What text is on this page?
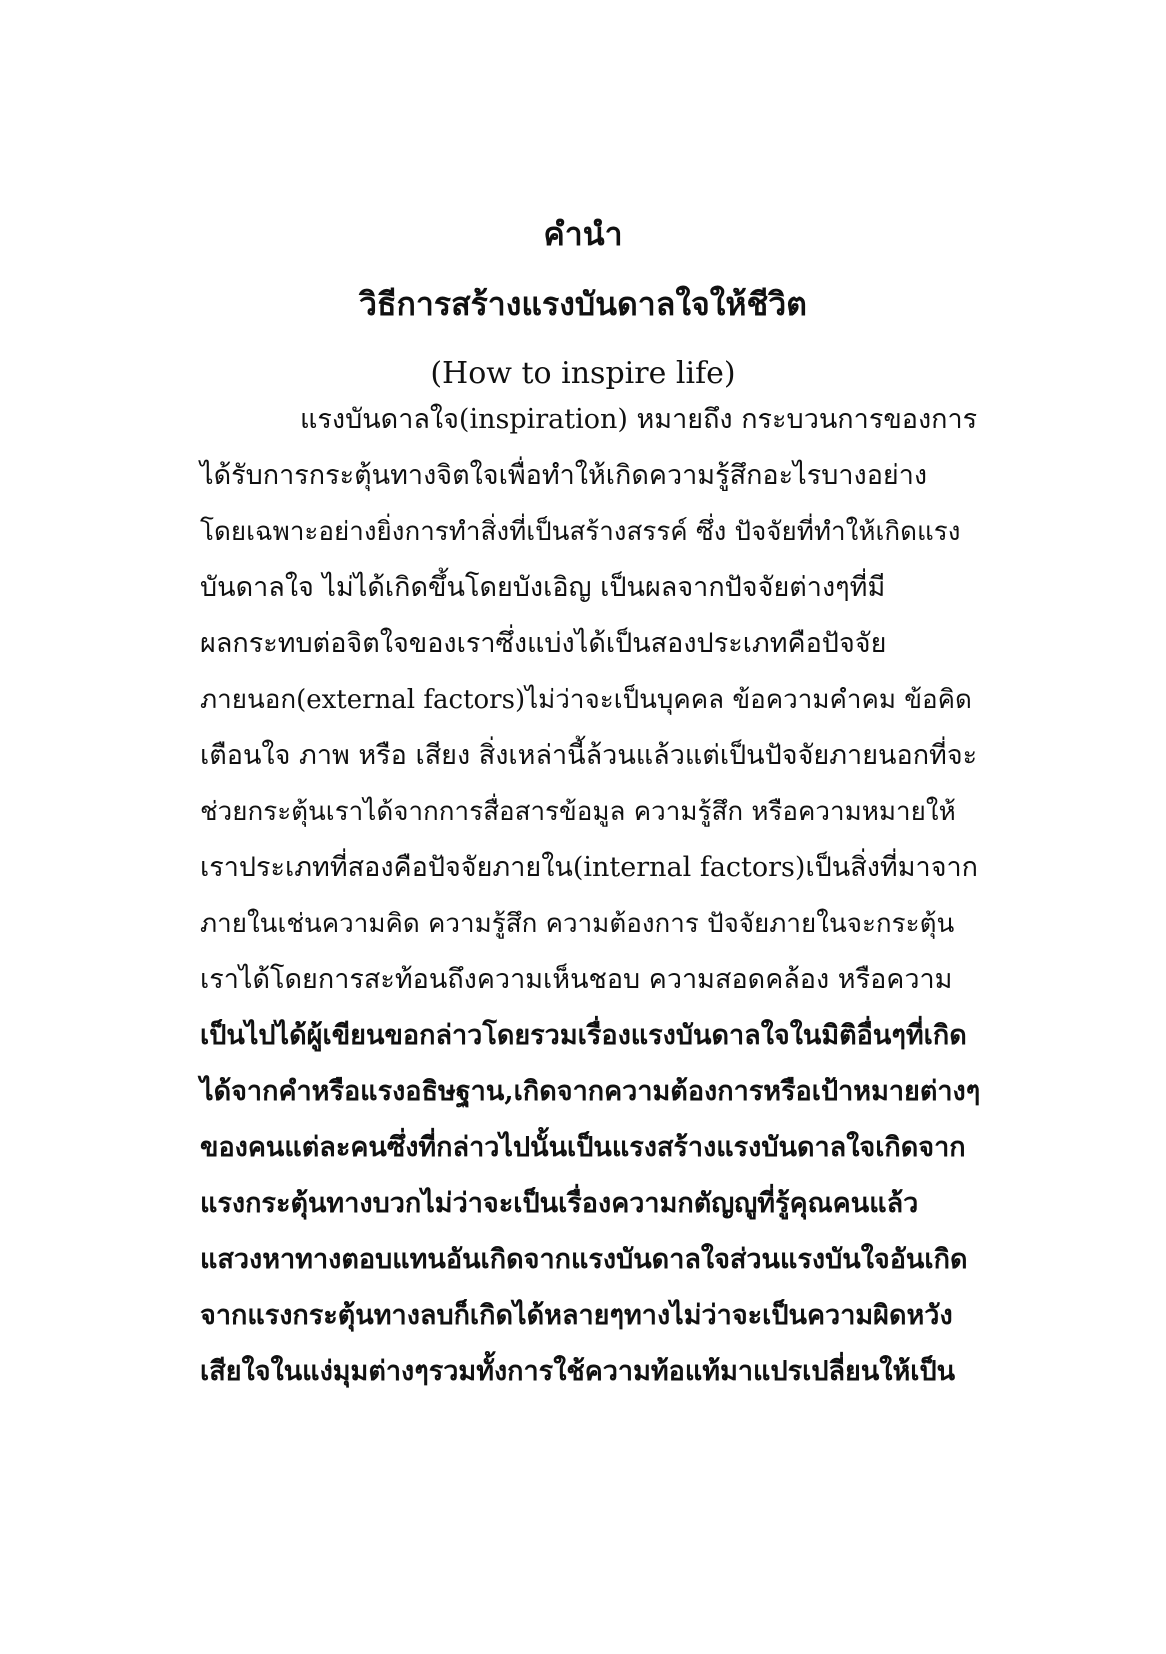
คำนำ
วิธีการสร้างแรงบันดาลใจให้ชีวิต
(How to inspire life)
แรงบันดาลใจ(inspiration) หมายถึง กระบวนการของการ
ได้รับการกระตุ้นทางจิตใจเพื่อทำให้เกิดความรู้สึกอะไรบางอย่าง
โดยเฉพาะอย่างยิ่งการทำสิ่งที่เป็นสร้างสรรค์ ซึ่ง ปัจจัยที่ทำให้เกิดแรง
บันดาลใจ ไม่ได้เกิดขึ้นโดยบังเอิญ เป็นผลจากปัจจัยต่างๆที่มี
ผลกระทบต่อจิตใจของเราซึ่งแบ่งได้เป็นสองประเภทคือปัจจัย
ภายนอก(external factors)ไม่ว่าจะเป็นบุคคล ข้อความคำคม ข้อคิด
เตือนใจ ภาพ หรือ เสียง สิ่งเหล่านี้ล้วนแล้วแต่เป็นปัจจัยภายนอกที่จะ
ช่วยกระตุ้นเราได้จากการสื่อสารข้อมูล ความรู้สึก หรือความหมายให้
เราประเภทที่สองคือปัจจัยภายใน(internal factors)เป็นสิ่งที่มาจาก
ภายในเช่นความคิด ความรู้สึก ความต้องการ ปัจจัยภายในจะกระตุ้น
เราได้โดยการสะท้อนถึงความเห็นชอบ ความสอดคล้อง หรือความ
เป็นไปได้ผู้เขียนขอกล่าวโดยรวมเรื่องแรงบันดาลใจในมิติอื่นๆที่เกิด
ได้จากคำหรือแรงอธิษฐาน,เกิดจากความต้องการหรือเป้าหมายต่างๆ
ของคนแต่ละคนซึ่งที่กล่าวไปนั้นเป็นแรงสร้างแรงบันดาลใจเกิดจาก
แรงกระตุ้นทางบวกไม่ว่าจะเป็นเรื่องความกตัญญูที่รู้คุณคนแล้ว
แสวงหาทางตอบแทนอันเกิดจากแรงบันดาลใจส่วนแรงบันใจอันเกิด
จากแรงกระตุ้นทางลบก็เกิดได้หลายๆทางไม่ว่าจะเป็นความผิดหวัง
เสียใจในแง่มุมต่างๆรวมทั้งการใช้ความท้อแท้มาแปรเปลี่ยนให้เป็น
